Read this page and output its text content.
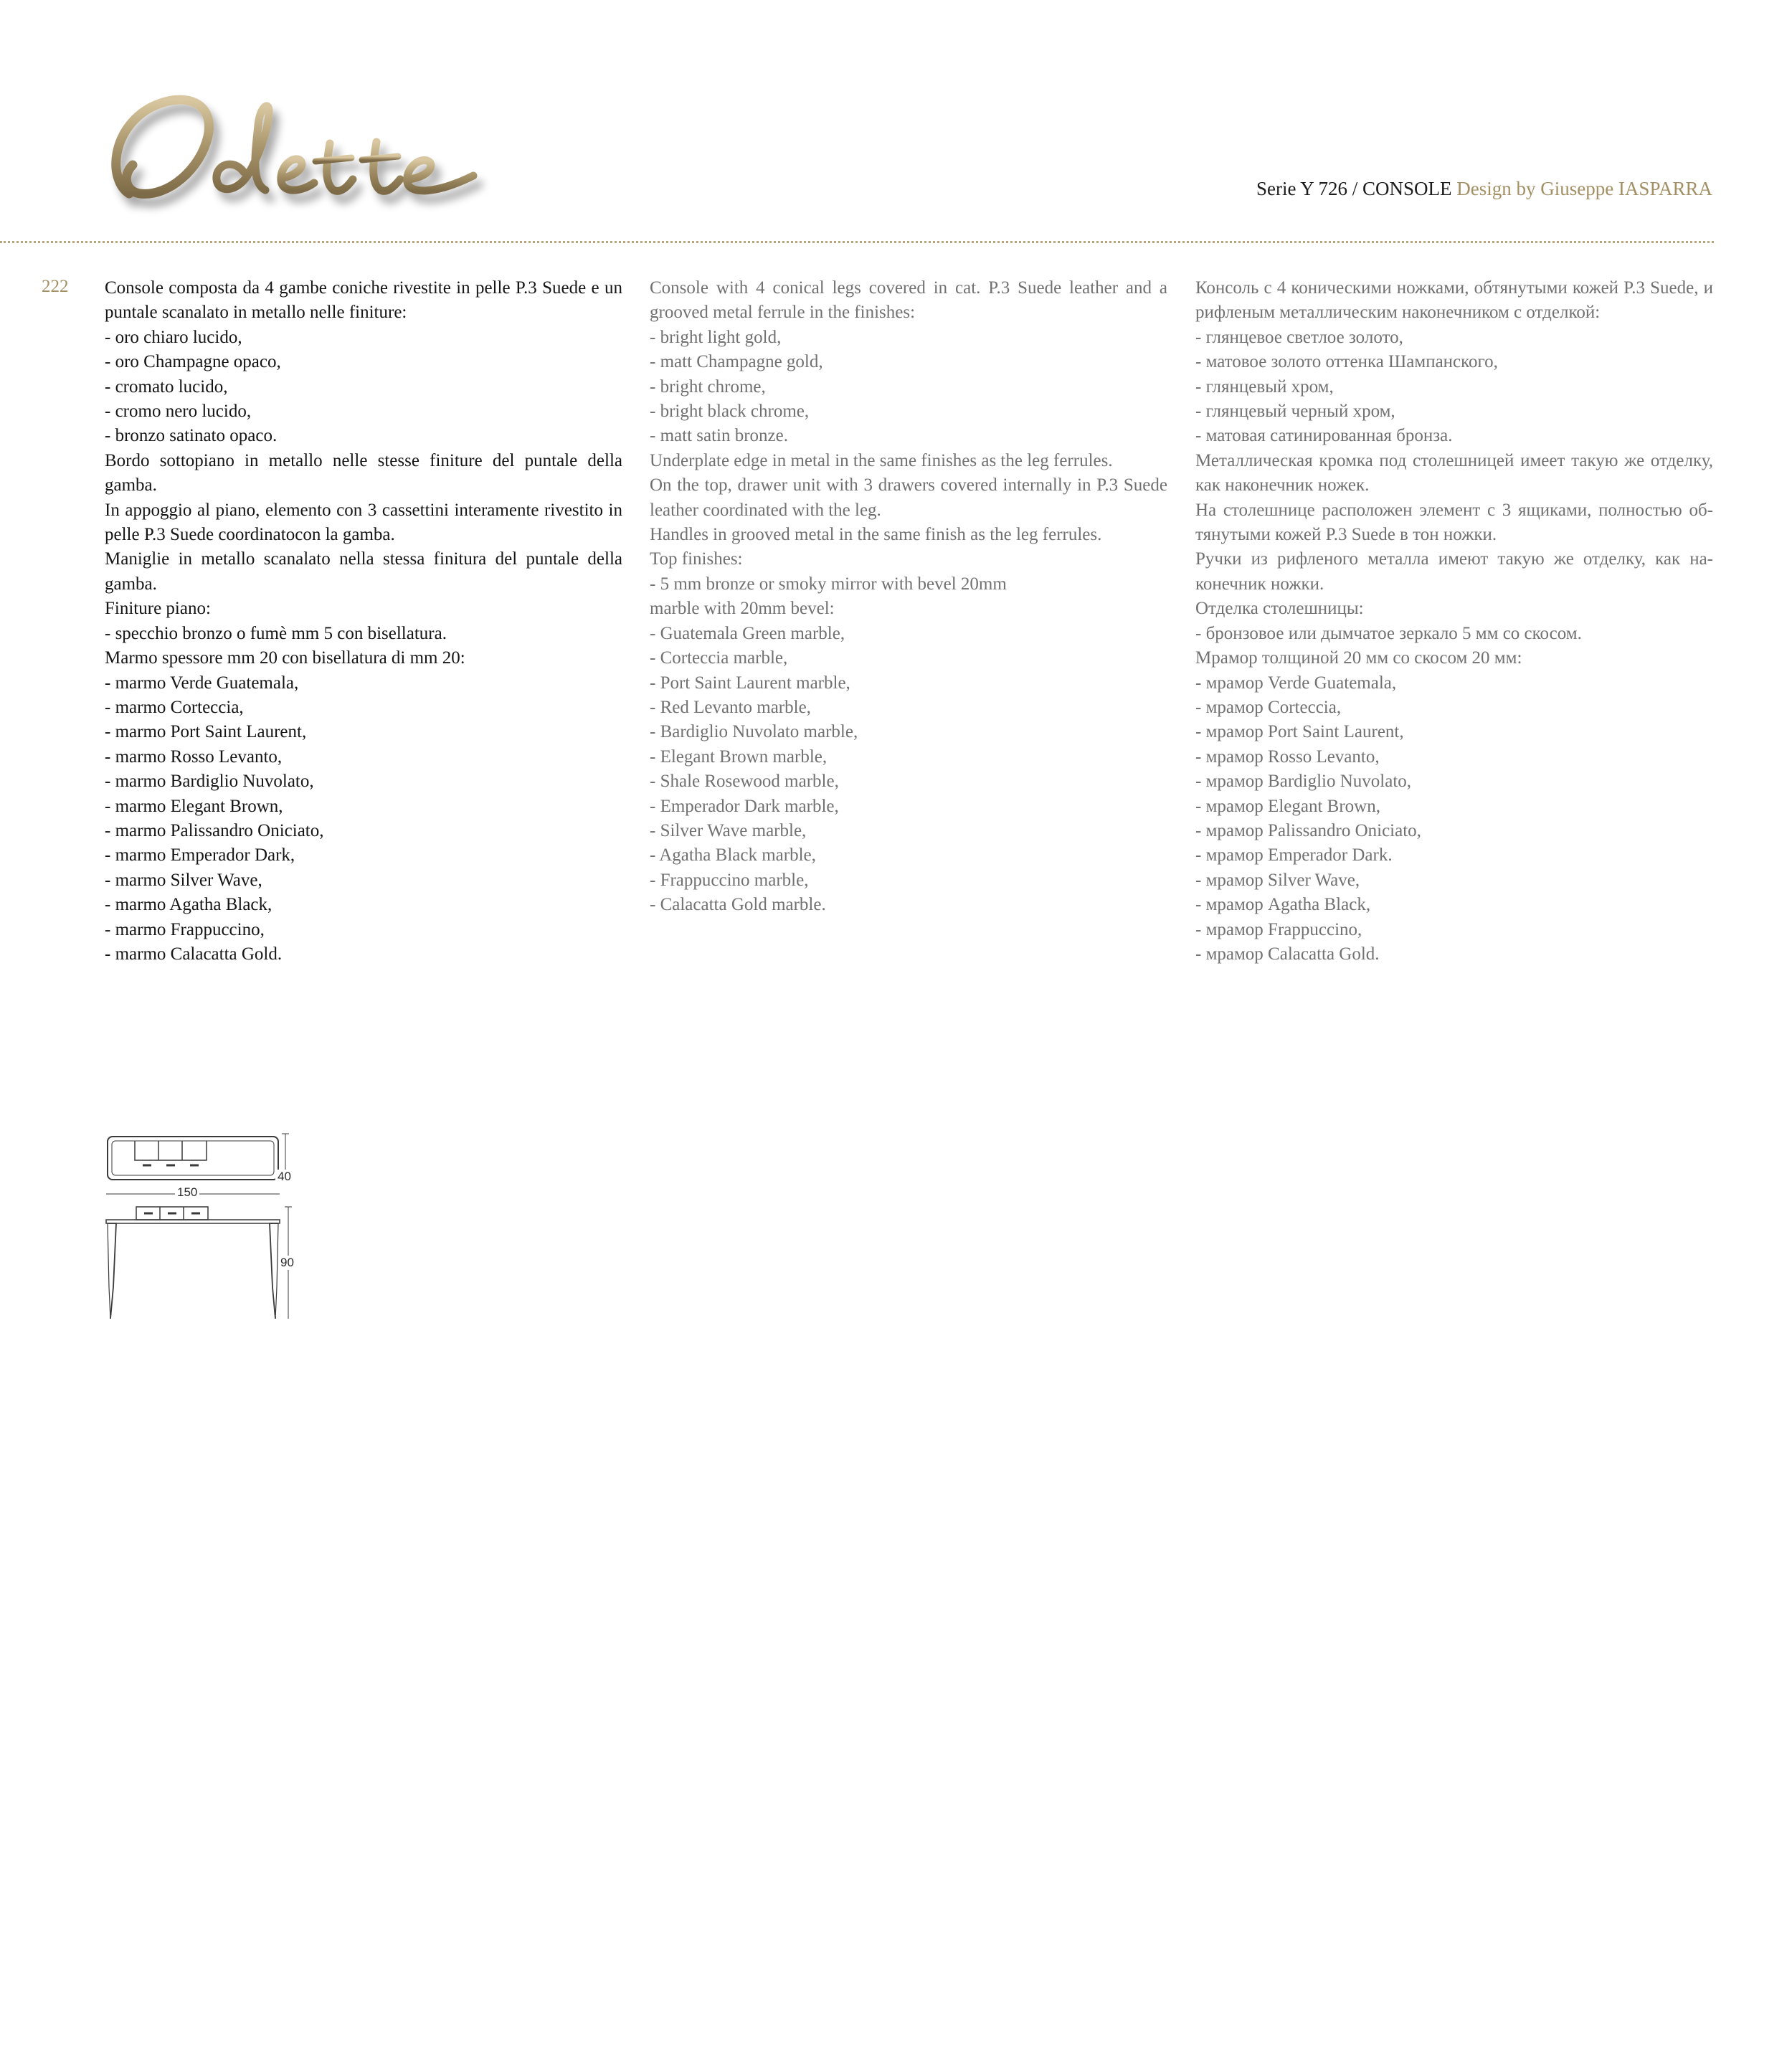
Serie Y 726 / CONSOLE Design by Giuseppe IASPARRA
222 Console composta da 4 gambe coniche rivestite in pelle P.3 Suede e un puntale scanalato in metallo nelle finiture:

- oro chiaro lucido,

- oro Champagne opaco,

- cromato lucido,

- cromo nero lucido,

- bronzo satinato opaco.

Bordo sottopiano in metallo nelle stesse finiture del puntale della gamba.

In appoggio al piano, elemento con 3 cassettini interamente rivestito in pelle P.3 Suede coordinatocon la gamba.

Maniglie in metallo scanalato nella stessa finitura del puntale della gamba.

Finiture piano:

- specchio bronzo o fumè mm 5 con bisellatura.

Marmo spessore mm 20 con bisellatura di mm 20:

- marmo Verde Guatemala,

- marmo Corteccia,

- marmo Port Saint Laurent,

- marmo Rosso Levanto,

- marmo Bardiglio Nuvolato,

- marmo Elegant Brown,

- marmo Palissandro Oniciato,

- marmo Emperador Dark,

- marmo Silver Wave,

- marmo Agatha Black,

- marmo Frappuccino,

- marmo Calacatta Gold.

Console with 4 conical legs covered in cat. P.3 Suede leather and a grooved metal ferrule in the finishes:

- bright light gold,

- matt Champagne gold,

- bright chrome,

- bright black chrome,

- matt satin bronze.

Underplate edge in metal in the same finishes as the leg ferrules.

On the top, drawer unit with 3 drawers covered internally in P.3 Suede leather coordinated with the leg.

Handles in grooved metal in the same finish as the leg ferrules.

Top finishes:

- 5 mm bronze or smoky mirror with bevel 20mm

marble with 20mm bevel:

- Guatemala Green marble,

- Corteccia marble,

- Port Saint Laurent marble,

- Red Levanto marble,

- Bardiglio Nuvolato marble,

- Elegant Brown marble,

- Shale Rosewood marble,

- Emperador Dark marble,

- Silver Wave marble,

- Agatha Black marble,

- Frappuccino marble,

- Calacatta Gold marble.

Консоль с 4 коническими ножками, обтянутыми кожей P.3 Suede, и рифленым металлическим наконечником с отделкой:

- глянцевое светлое золото,

- матовое золото оттенка Шампанского,

- глянцевый хром,

- глянцевый черный хром,

- матовая сатинированная бронза.

Металлическая кромка под столешницей имеет такую же отделку, как наконечник ножек.

На столешнице расположен элемент с 3 ящиками, полностью обтянутыми кожей P.3 Suede в тон ножки.

Ручки из рифленого металла имеют такую же отделку, как наконечник ножки.

Отделка столешницы:

- бронзовое или дымчатое зеркало 5 мм со скосом.

Мрамор толщиной 20 мм со скосом 20 мм:

- мрамор Verde Guatemala,

- мрамор Corteccia,

- мрамор Port Saint Laurent,

- мрамор Rosso Levanto,

- мрамор Bardiglio Nuvolato,

- мрамор Elegant Brown,

- мрамор Palissandro Oniciato,

- мрамор Emperador Dark.

- мрамор Silver Wave,

- мрамор Agatha Black,

- мрамор Frappuccino,

- мрамор Calacatta Gold.

40
150
90
